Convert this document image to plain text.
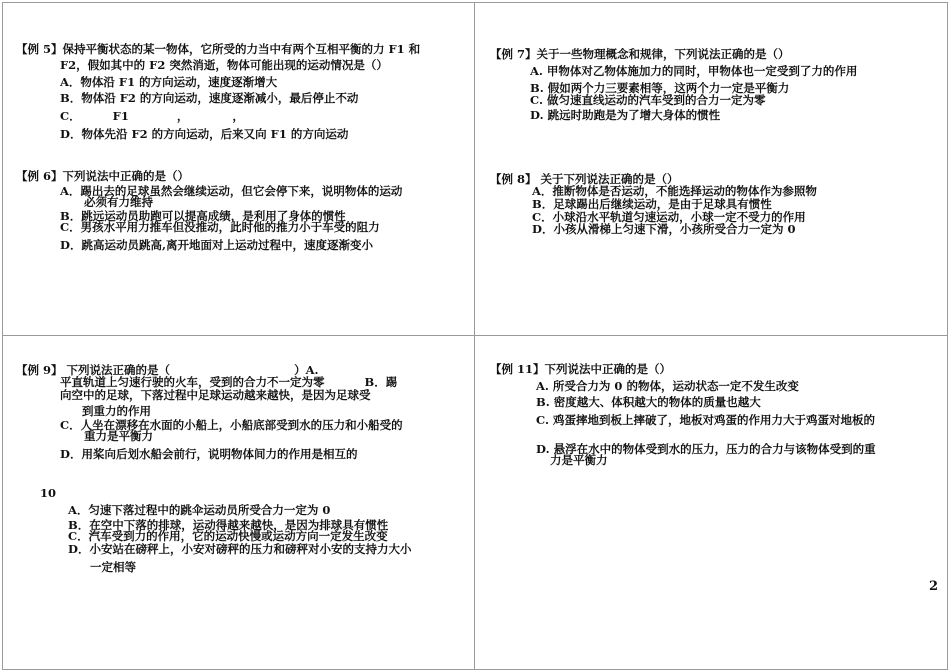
【例 5】保持平衡状态的某一物体，它所受的力当中有两个互相平衡的力 F1 和
F2，假如其中的 F2 突然消逝，物体可能出现的运动情况是（）
A．物体沿 F1 的方向运动，速度逐渐增大
B．物体沿 F2 的方向运动，速度逐渐减小，最后停止不动
C．        F1            ，           ，
D．物体先沿 F2 的方向运动，后来又向 F1 的方向运动
【例 6】下列说法中正确的是（）
A．踢出去的足球虽然会继续运动，但它会停下来，说明物体的运动
必须有力维持
B．跳远运动员助跑可以提高成绩，是利用了身体的惯性
C．男孩水平用力推车但没推动，此时他的推力小于车受的阻力
D．跳高运动员跳高,离开地面对上运动过程中，速度逐渐变小
【例 7】关于一些物理概念和规律，下列说法正确的是（）
A. 甲物体对乙物体施加力的同时，甲物体也一定受到了力的作用
B. 假如两个力三要素相等，这两个力一定是平衡力
C. 做匀速直线运动的汽车受到的合力一定为零
D. 跳远时助跑是为了增大身体的惯性
【例 8】 关于下列说法正确的是（）
A．推断物体是否运动，不能选择运动的物体作为参照物
B．足球踢出后继续运动，是由于足球具有惯性
C．小球沿水平轨道匀速运动，小球一定不受力的作用
D．小孩从滑梯上匀速下滑，小孩所受合力一定为 0
【例 9】 下列说法正确的是（                               ）A.
平直轨道上匀速行驶的火车，受到的合力不一定为零          B．踢
向空中的足球，下落过程中足球运动越来越快，是因为足球受
到重力的作用
C．人坐在漂移在水面的小船上，小船底部受到水的压力和小船受的
重力是平衡力
D．用桨向后划水船会前行，说明物体间力的作用是相互的
10
A．匀速下落过程中的跳伞运动员所受合力一定为 0
B．在空中下落的排球，运动得越来越快，是因为排球具有惯性
C．汽车受到力的作用，它的运动快慢或运动方向一定发生改变
D．小安站在磅秤上，小安对磅秤的压力和磅秤对小安的支持力大小
一定相等
【例 11】下列说法中正确的是（）
A. 所受合力为 0 的物体，运动状态一定不发生改变
B. 密度越大、体积越大的物体的质量也越大
C. 鸡蛋摔地到板上摔破了，地板对鸡蛋的作用力大于鸡蛋对地板的
D. 悬浮在水中的物体受到水的压力，压力的合力与该物体受到的重
力是平衡力
2
